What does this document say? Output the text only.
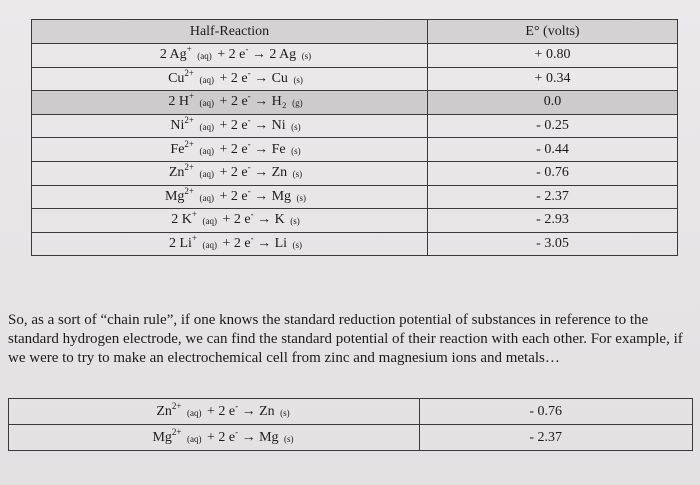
Half-Reaction	E° (volts)
2 Ag+ (aq) + 2 e- → 2 Ag (s)	+ 0.80
$Cu^{2+}$ (aq) + 2 e- → Cu (s)	+ 0.34
2 H+ (aq) + 2 e- → H₂ (g)	0.0
$Ni^{2+}$ (aq) + 2 e- → Ni (s)	- 0.25
$Fe^{2+}$ (aq) + 2 e- → Fe (s)	- 0.44
$Zn^{2+}$ (aq) + 2 e- → Zn (s)	- 0.76
$Mg^{2+}$ (aq) + 2 e- → Mg (s)	- 2.37
2 K+ (aq) + 2 e- → K (s)	- 2.93
2 Li+ (aq) + 2 e- → Li (s)	- 3.05

So, as a sort of “chain rule”, if one knows the standard reduction potential of substances in reference to the standard hydrogen electrode, we can find the standard potential of their reaction with each other. For example, if we were to try to make an electrochemical cell from zinc and magnesium ions and metals…

$Zn^{2+}$ (aq) + 2 e- → Zn (s)	- 0.76
$Mg^{2+}$ (aq) + 2 e- → Mg (s)	- 2.37
